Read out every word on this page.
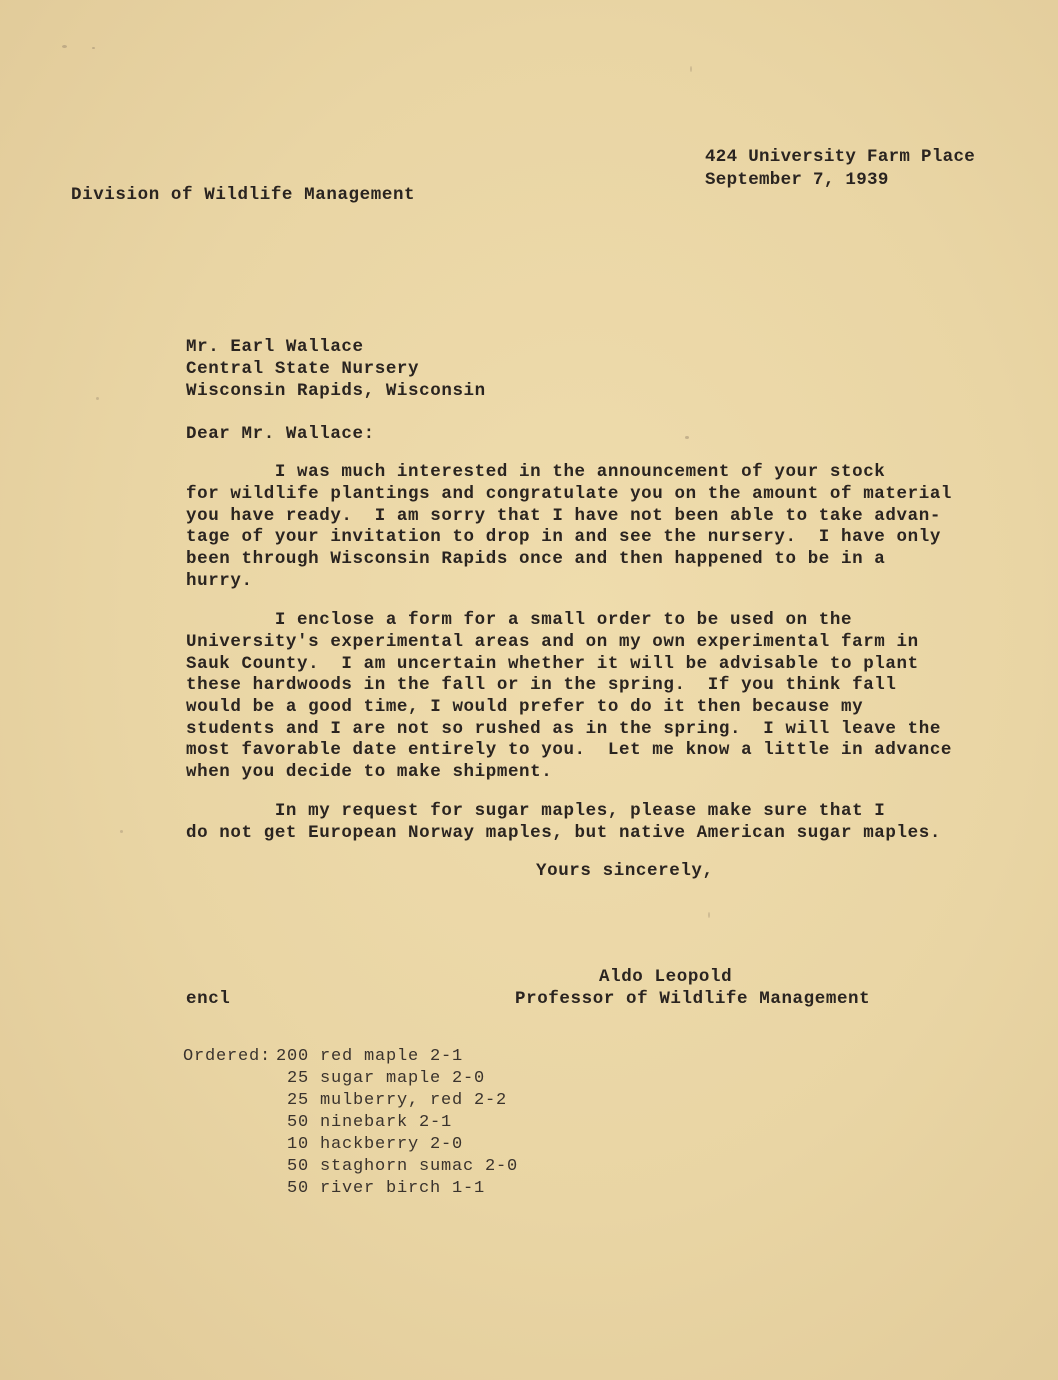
Division of Wildlife Management
424 University Farm Place
September 7, 1939
Mr. Earl Wallace
Central State Nursery
Wisconsin Rapids, Wisconsin
Dear Mr. Wallace:
I was much interested in the announcement of your stock
for wildlife plantings and congratulate you on the amount of material
you have ready.  I am sorry that I have not been able to take advan-
tage of your invitation to drop in and see the nursery.  I have only
been through Wisconsin Rapids once and then happened to be in a
hurry.
I enclose a form for a small order to be used on the
University's experimental areas and on my own experimental farm in
Sauk County.  I am uncertain whether it will be advisable to plant
these hardwoods in the fall or in the spring.  If you think fall
would be a good time, I would prefer to do it then because my
students and I are not so rushed as in the spring.  I will leave the
most favorable date entirely to you.  Let me know a little in advance
when you decide to make shipment.
In my request for sugar maples, please make sure that I
do not get European Norway maples, but native American sugar maples.
Yours sincerely,
Aldo Leopold
Professor of Wildlife Management
encl
Ordered: 200 red maple 2-1
25 sugar maple 2-0
25 mulberry, red 2-2
50 ninebark 2-1
10 hackberry 2-0
50 staghorn sumac 2-0
50 river birch 1-1
